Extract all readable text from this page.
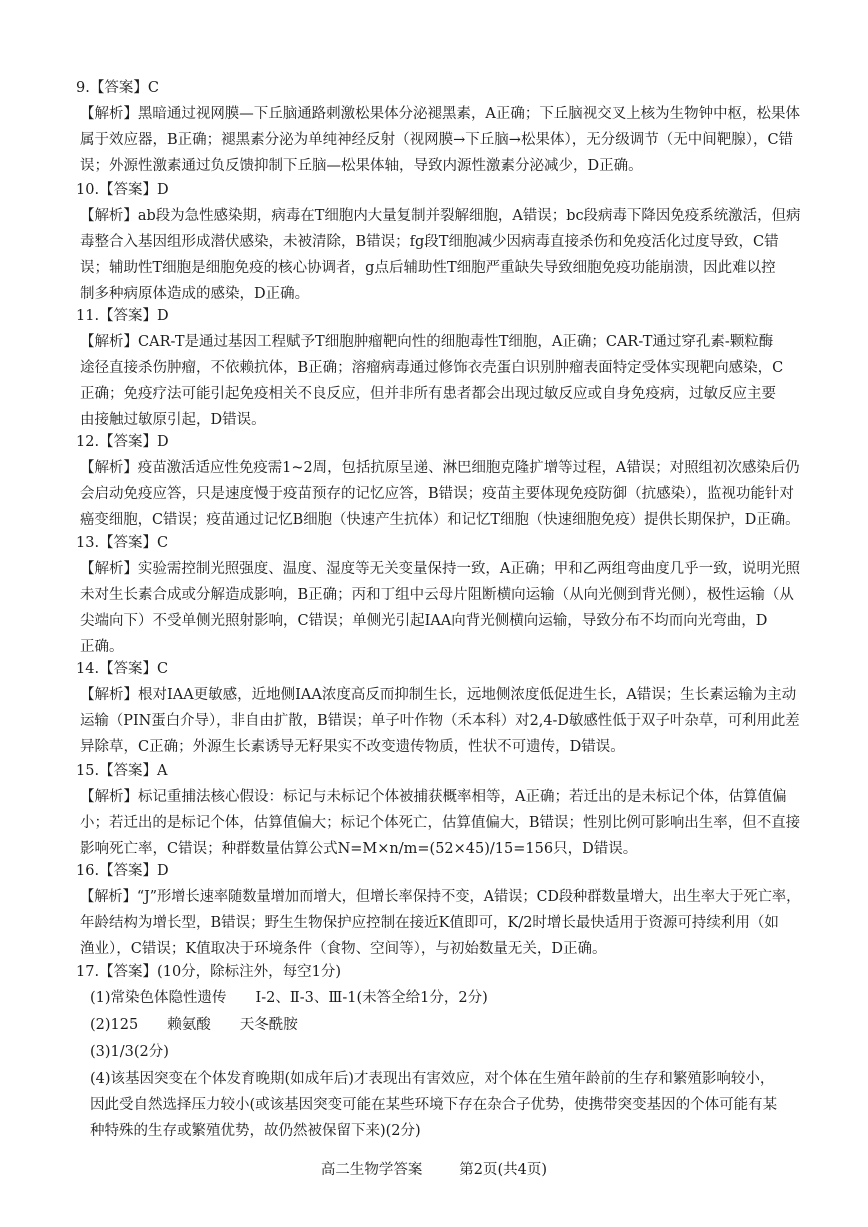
9.【答案】C
【解析】黑暗通过视网膜—下丘脑通路刺激松果体分泌褪黑素，A正确；下丘脑视交叉上核为生物钟中枢，松果体
属于效应器，B正确；褪黑素分泌为单纯神经反射（视网膜→下丘脑→松果体），无分级调节（无中间靶腺），C错
误；外源性激素通过负反馈抑制下丘脑—松果体轴，导致内源性激素分泌减少，D正确。
10.【答案】D
【解析】ab段为急性感染期，病毒在T细胞内大量复制并裂解细胞，A错误；bc段病毒下降因免疫系统激活，但病
毒整合入基因组形成潜伏感染，未被清除，B错误；fg段T细胞减少因病毒直接杀伤和免疫活化过度导致，C错
误；辅助性T细胞是细胞免疫的核心协调者，g点后辅助性T细胞严重缺失导致细胞免疫功能崩溃，因此难以控
制多种病原体造成的感染，D正确。
11.【答案】D
【解析】CAR-T是通过基因工程赋予T细胞肿瘤靶向性的细胞毒性T细胞，A正确；CAR-T通过穿孔素-颗粒酶
途径直接杀伤肿瘤，不依赖抗体，B正确；溶瘤病毒通过修饰衣壳蛋白识别肿瘤表面特定受体实现靶向感染，C
正确；免疫疗法可能引起免疫相关不良反应，但并非所有患者都会出现过敏反应或自身免疫病，过敏反应主要
由接触过敏原引起，D错误。
12.【答案】D
【解析】疫苗激活适应性免疫需1~2周，包括抗原呈递、淋巴细胞克隆扩增等过程，A错误；对照组初次感染后仍
会启动免疫应答，只是速度慢于疫苗预存的记忆应答，B错误；疫苗主要体现免疫防御（抗感染），监视功能针对
癌变细胞，C错误；疫苗通过记忆B细胞（快速产生抗体）和记忆T细胞（快速细胞免疫）提供长期保护，D正确。
13.【答案】C
【解析】实验需控制光照强度、温度、湿度等无关变量保持一致，A正确；甲和乙两组弯曲度几乎一致，说明光照
未对生长素合成或分解造成影响，B正确；丙和丁组中云母片阻断横向运输（从向光侧到背光侧），极性运输（从
尖端向下）不受单侧光照射影响，C错误；单侧光引起IAA向背光侧横向运输，导致分布不均而向光弯曲，D
正确。
14.【答案】C
【解析】根对IAA更敏感，近地侧IAA浓度高反而抑制生长，远地侧浓度低促进生长，A错误；生长素运输为主动
运输（PIN蛋白介导），非自由扩散，B错误；单子叶作物（禾本科）对2,4-D敏感性低于双子叶杂草，可利用此差
异除草，C正确；外源生长素诱导无籽果实不改变遗传物质，性状不可遗传，D错误。
15.【答案】A
【解析】标记重捕法核心假设：标记与未标记个体被捕获概率相等，A正确；若迁出的是未标记个体，估算值偏
小；若迁出的是标记个体，估算值偏大；标记个体死亡，估算值偏大，B错误；性别比例可影响出生率，但不直接
影响死亡率，C错误；种群数量估算公式N=M×n/m=(52×45)/15=156只，D错误。
16.【答案】D
【解析】“J”形增长速率随数量增加而增大，但增长率保持不变，A错误；CD段种群数量增大，出生率大于死亡率，
年龄结构为增长型，B错误；野生生物保护应控制在接近K值即可，K/2时增长最快适用于资源可持续利用（如
渔业），C错误；K值取决于环境条件（食物、空间等），与初始数量无关，D正确。
17.【答案】(10分，除标注外，每空1分)
(1)常染色体隐性遗传　　Ⅰ-2、Ⅱ-3、Ⅲ-1(未答全给1分，2分)
(2)125　　赖氨酸　　天冬酰胺
(3)1/3(2分)
(4)该基因突变在个体发育晚期(如成年后)才表现出有害效应，对个体在生殖年龄前的生存和繁殖影响较小，
因此受自然选择压力较小(或该基因突变可能在某些环境下存在杂合子优势，使携带突变基因的个体可能有某
种特殊的生存或繁殖优势，故仍然被保留下来)(2分)
高二生物学答案	第2页(共4页)
